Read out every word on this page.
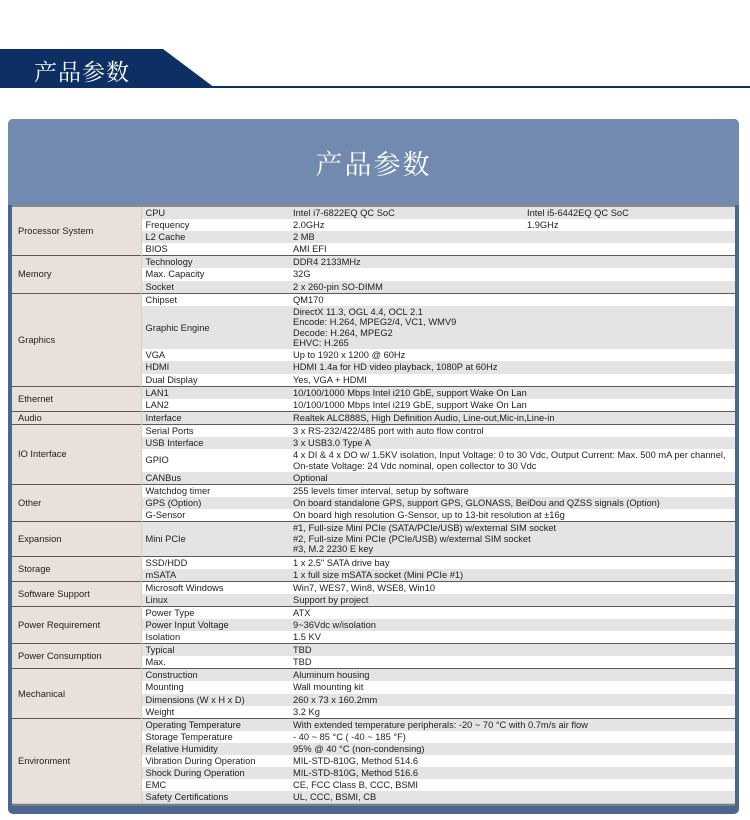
产品参数
产品参数
Processor System	CPU	Intel i7-6822EQ QC SoC	Intel i5-6442EQ QC SoC
	Frequency	2.0GHz	1.9GHz
	L2 Cache	2 MB	
	BIOS	AMI EFI	
Memory	Technology	DDR4 2133MHz	
	Max. Capacity	32G	
	Socket	2 x 260-pin SO-DIMM	
Graphics	Chipset	QM170	
	Graphic Engine	DirectX 11.3, OGL 4.4, OCL 2.1
Encode: H.264, MPEG2/4, VC1, WMV9
Decode: H.264, MPEG2
EHVC: H.265	
	VGA	Up to 1920 x 1200 @ 60Hz	
	HDMI	HDMI 1.4a for HD video playback, 1080P at 60Hz	
	Dual Display	Yes, VGA + HDMI	
Ethernet	LAN1	10/100/1000 Mbps Intel i210 GbE, support Wake On Lan	
	LAN2	10/100/1000 Mbps Intel i219 GbE, support Wake On Lan	
Audio	Interface	Realtek ALC888S, High Definition Audio, Line-out,Mic-in,Line-in	
IO Interface	Serial Ports	3 x RS-232/422/485 port with auto flow control	
	USB Interface	3 x USB3.0 Type A	
	GPIO	4 x DI & 4 x DO w/ 1.5KV isolation, Input Voltage: 0 to 30 Vdc, Output Current: Max. 500 mA per channel,
On-state Voltage: 24 Vdc nominal, open collector to 30 Vdc	
	CANBus	Optional	
Other	Watchdog timer	255 levels timer interval, setup by software	
	GPS (Option)	On board standalone GPS, support GPS, GLONASS, BeiDou and QZSS signals (Option)	
	G-Sensor	On board high resolution G-Sensor, up to 13-bit resolution at ±16g	
Expansion	Mini PCIe	#1, Full-size Mini PCIe (SATA/PCIe/USB) w/external SIM socket
#2, Full-size Mini PCIe (PCIe/USB) w/external SIM socket
#3, M.2 2230 E key	
Storage	SSD/HDD	1 x 2.5" SATA drive bay	
	mSATA	1 x full size mSATA socket (Mini PCIe #1)	
Software Support	Microsoft Windows	Win7, WES7, Win8, WSE8, Win10	
	Linux	Support by project	
Power Requirement	Power Type	ATX	
	Power Input Voltage	9~36Vdc w/isolation	
	Isolation	1.5 KV	
Power Consumption	Typical	TBD	
	Max.	TBD	
Mechanical	Construction	Aluminum housing	
	Mounting	Wall mounting kit	
	Dimensions (W x H x D)	260 x 73 x 160.2mm	
	Weight	3.2 Kg	
Environment	Operating Temperature	With extended temperature peripherals: -20 ~ 70 °C with 0.7m/s air flow	
	Storage Temperature	- 40 ~ 85 °C ( -40 ~ 185 °F)	
	Relative Humidity	95% @ 40 °C (non-condensing)	
	Vibration During Operation	MIL-STD-810G, Method 514.6	
	Shock During Operation	MIL-STD-810G, Method 516.6	
	EMC	CE, FCC Class B, CCC, BSMI	
	Safety Certifications	UL, CCC, BSMI, CB	
